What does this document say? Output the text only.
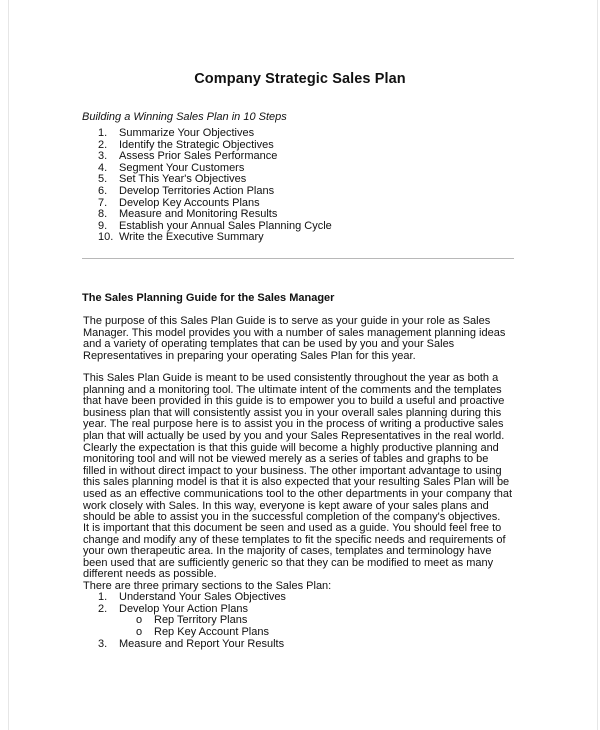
Company Strategic Sales Plan
Building a Winning Sales Plan in 10 Steps
1.	Summarize Your Objectives
2.	Identify the Strategic Objectives
3.	Assess Prior Sales Performance
4.	Segment Your Customers
5.	Set This Year's Objectives
6.	Develop Territories Action Plans
7.	Develop Key Accounts Plans
8.	Measure and Monitoring Results
9.	Establish your Annual Sales Planning Cycle
10. Write the Executive Summary
The Sales Planning Guide for the Sales Manager

The purpose of this Sales Plan Guide is to serve as your guide in your role as Sales Manager. This model provides you with a number of sales management planning ideas and a variety of operating templates that can be used by you and your Sales Representatives in preparing your operating Sales Plan for this year.

This Sales Plan Guide is meant to be used consistently throughout the year as both a planning and a monitoring tool. The ultimate intent of the comments and the templates that have been provided in this guide is to empower you to build a useful and proactive business plan that will consistently assist you in your overall sales planning during this year. The real purpose here is to assist you in the process of writing a productive sales plan that will actually be used by you and your Sales Representatives in the real world. Clearly the expectation is that this guide will become a highly productive planning and monitoring tool and will not be viewed merely as a series of tables and graphs to be filled in without direct impact to your business. The other important advantage to using this sales planning model is that it is also expected that your resulting Sales Plan will be used as an effective communications tool to the other departments in your company that work closely with Sales. In this way, everyone is kept aware of your sales plans and should be able to assist you in the successful completion of the company's objectives.

It is important that this document be seen and used as a guide. You should feel free to change and modify any of these templates to fit the specific needs and requirements of your own therapeutic area. In the majority of cases, templates and terminology have been used that are sufficiently generic so that they can be modified to meet as many different needs as possible.

There are three primary sections to the Sales Plan:
1.	Understand Your Sales Objectives
2.	Develop Your Action Plans
o	Rep Territory Plans
o	Rep Key Account Plans
3.	Measure and Report Your Results
